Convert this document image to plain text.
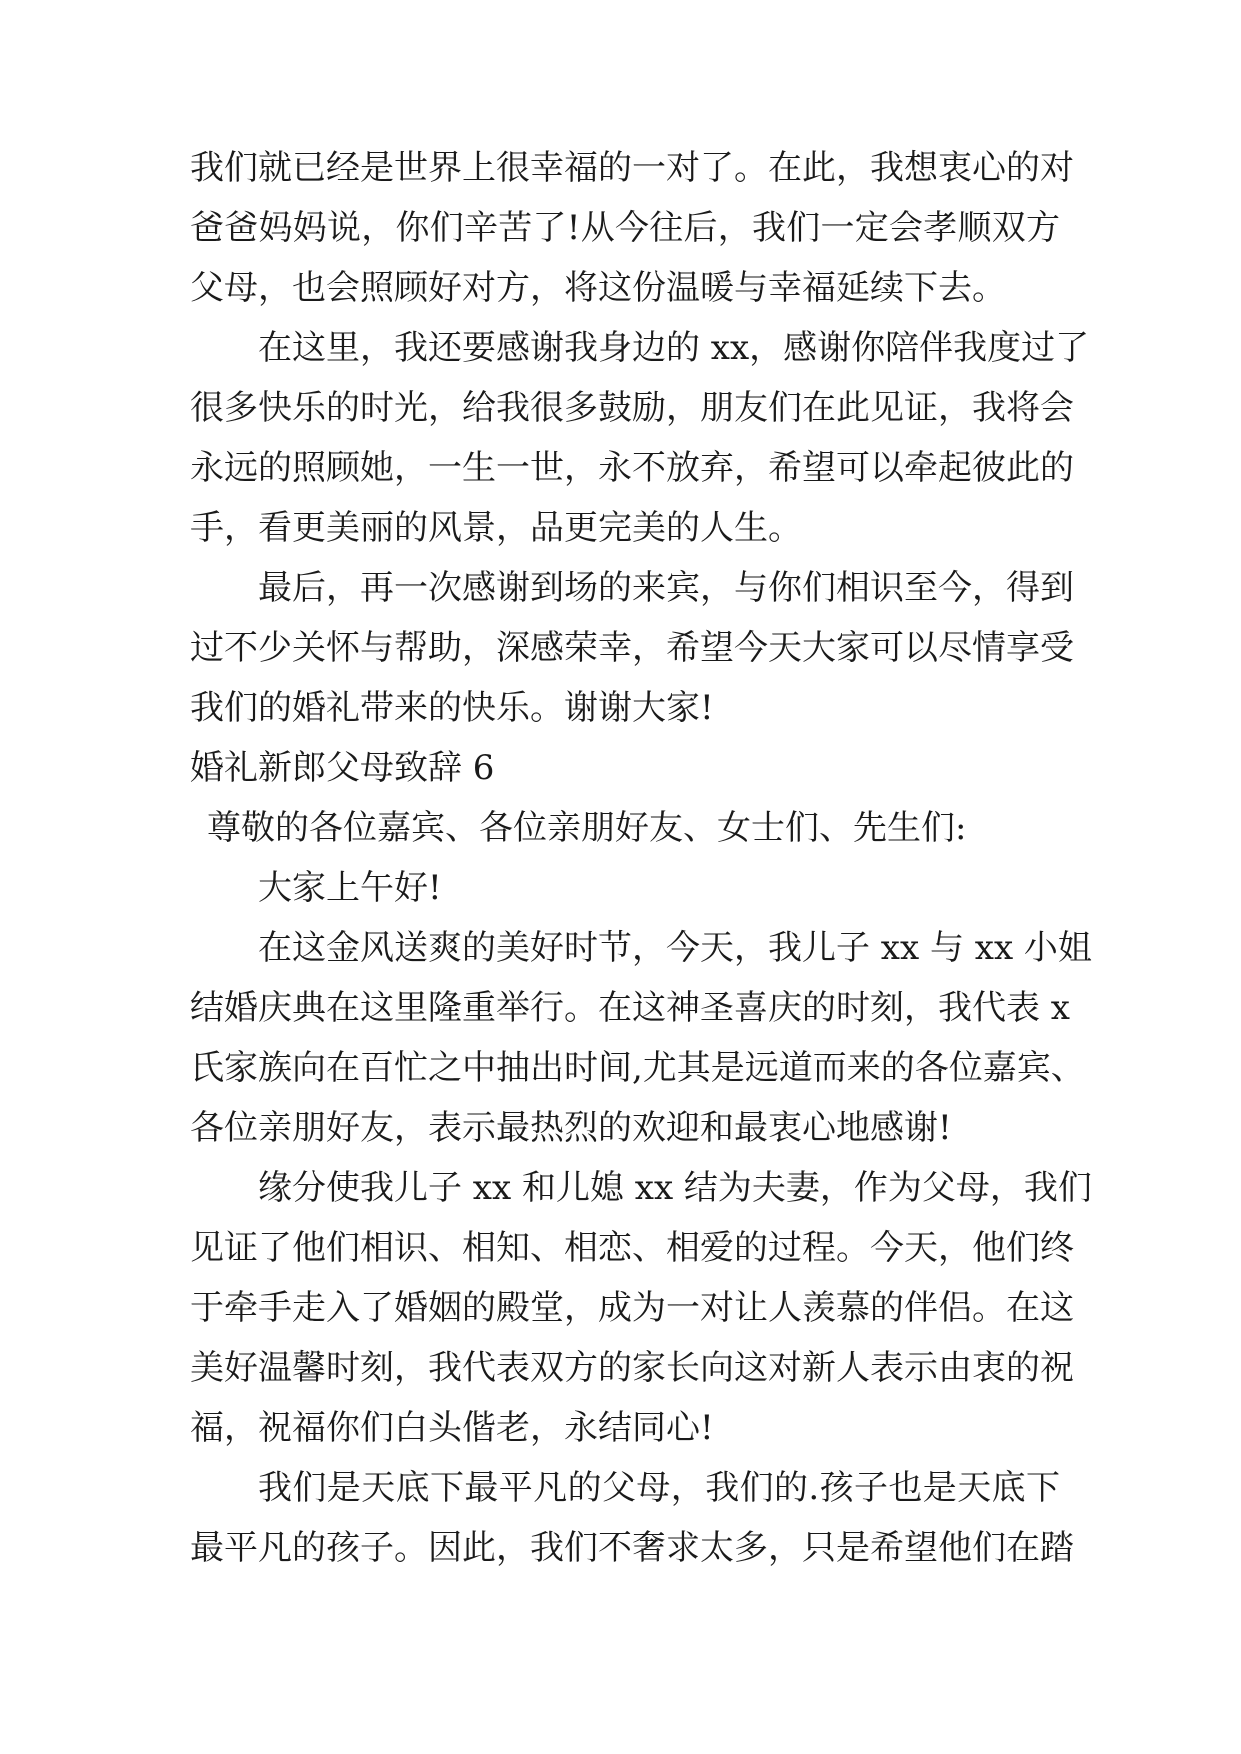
我们就已经是世界上很幸福的一对了。在此，我想衷心的对
爸爸妈妈说，你们辛苦了!从今往后，我们一定会孝顺双方
父母，也会照顾好对方，将这份温暖与幸福延续下去。
在这里，我还要感谢我身边的 xx，感谢你陪伴我度过了
很多快乐的时光，给我很多鼓励，朋友们在此见证，我将会
永远的照顾她，一生一世，永不放弃，希望可以牵起彼此的
手，看更美丽的风景，品更完美的人生。
最后，再一次感谢到场的来宾，与你们相识至今，得到
过不少关怀与帮助，深感荣幸，希望今天大家可以尽情享受
我们的婚礼带来的快乐。谢谢大家!
婚礼新郎父母致辞 6
尊敬的各位嘉宾、各位亲朋好友、女士们、先生们:
大家上午好!
在这金风送爽的美好时节，今天，我儿子 xx 与 xx 小姐
结婚庆典在这里隆重举行。在这神圣喜庆的时刻，我代表 x
氏家族向在百忙之中抽出时间,尤其是远道而来的各位嘉宾、
各位亲朋好友，表示最热烈的欢迎和最衷心地感谢!
缘分使我儿子 xx 和儿媳 xx 结为夫妻，作为父母，我们
见证了他们相识、相知、相恋、相爱的过程。今天，他们终
于牵手走入了婚姻的殿堂，成为一对让人羡慕的伴侣。在这
美好温馨时刻，我代表双方的家长向这对新人表示由衷的祝
福，祝福你们白头偕老，永结同心!
我们是天底下最平凡的父母，我们的.孩子也是天底下
最平凡的孩子。因此，我们不奢求太多，只是希望他们在踏
